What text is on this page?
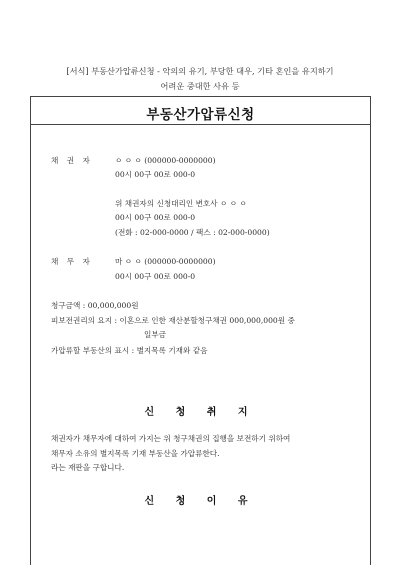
[서식] 부동산가압류신청 - 악의의 유기, 부당한 대우, 기타 혼인을 유지하기
어려운 중대한 사유 등
부동산가압류신청
채 권 자	ㅇ ㅇ ㅇ (000000-0000000)
00시 00구 00로 000-0
위 채권자의 신청대리인 변호사 ㅇ ㅇ ㅇ
00시 00구 00로 000-0
(전화 : 02-000-0000 / 팩스 : 02-000-0000)
채 무 자	마 ㅇ ㅇ (000000-0000000)
00시 00구 00로 000-0
청구금액 : 00,000,000원
피보전권리의 요지 : 이혼으로 인한 재산분할청구채권 000,000,000원 중
일부금
가압류할 부동산의 표시 : 별지목록 기재와 같음
신 청 취 지
채권자가 채무자에 대하여 가지는 위 청구채권의 집행을 보전하기 위하여
채무자 소유의 별지목록 기재 부동산을 가압류한다.
라는 재판을 구합니다.
신 청 이 유
